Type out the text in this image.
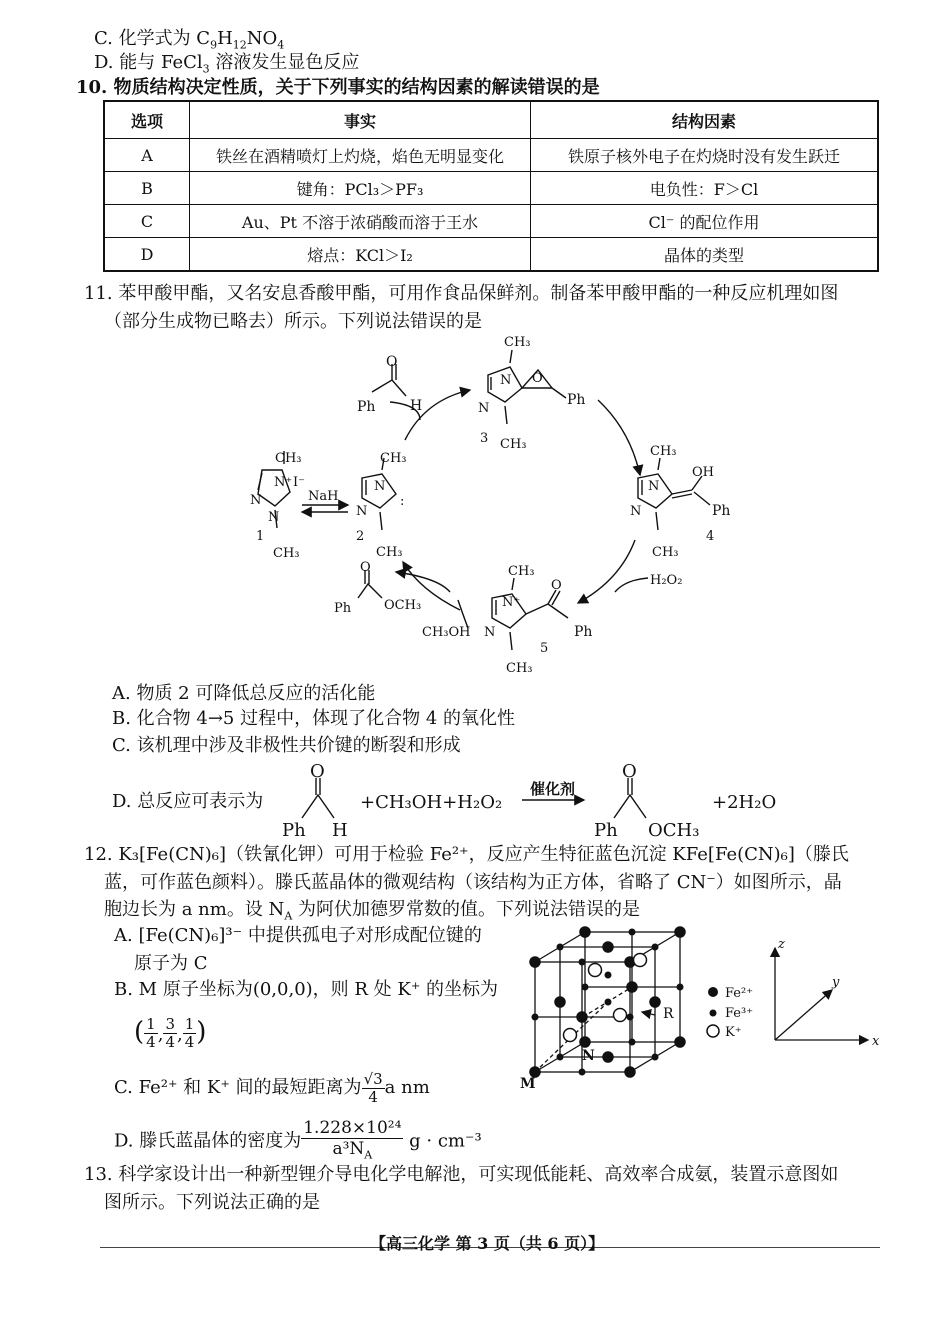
C. 化学式为 $C_9H_{12}NO_4$
D. 能与 FeCl$_3$ 溶液发生显色反应
10. 物质结构决定性质，关于下列事实的结构因素的解读错误的是
选项	事实	结构因素
A	铁丝在酒精喷灯上灼烧，焰色无明显变化	铁原子核外电子在灼烧时没有发生跃迁
B	键角：PCl₃＞PF₃	电负性：F＞Cl
C	Au、Pt 不溶于浓硝酸而溶于王水	Cl⁻ 的配位作用
D	熔点：KCl＞I₂	晶体的类型
11. 苯甲酸甲酯，又名安息香酸甲酯，可用作食品保鲜剂。制备苯甲酸甲酯的一种反应机理如图
（部分生成物已略去）所示。下列说法错误的是
O
Ph H
CH₃
N⁺ I⁻
N
N
1
CH₃
NaH
CH₃
N
N
:
2
CH₃
CH₃
N O
Ph
N
3 CH₃	CH₃
OH
N
Ph
N
4
CH₃
H₂O₂
O
Ph	OCH₃
CH₃OH
CH₃
O
N⁺
Ph
N
5
CH₃
A. 物质 2 可降低总反应的活化能
B. 化合物 4→5 过程中，体现了化合物 4 的氧化性
C. 该机理中涉及非极性共价键的断裂和形成
D. 总反应可表示为
O
Ph H
+CH₃OH+H₂O₂
催化剂
O
Ph OCH₃
+2H₂O
12. K₃[Fe(CN)₆]（铁氰化钾）可用于检验 Fe²⁺，反应产生特征蓝色沉淀 KFe[Fe(CN)₆]（滕氏
蓝，可作蓝色颜料）。滕氏蓝晶体的微观结构（该结构为正方体，省略了 CN⁻）如图所示，晶
胞边长为 a nm。设 $N_A$ 为阿伏加德罗常数的值。下列说法错误的是
A. [Fe(CN)₆]³⁻ 中提供孤电子对形成配位键的
原子为 C
B. M 原子坐标为(0,0,0)，则 R 处 K⁺ 的坐标为
( $\frac{1}{4}$ , $\frac{3}{4}$ , $\frac{1}{4}$ )
C. Fe²⁺ 和 K⁺ 间的最短距离为 $\frac{√3}{4}$ a nm
D. 滕氏蓝晶体的密度为 $\frac{\text{1.228×10²⁴}}{a^3N_A}$ g · cm⁻³
Fe²⁺
Fe³⁺
K⁺
M
N
R
x
y
z
13. 科学家设计出一种新型锂介导电化学电解池，可实现低能耗、高效率合成氨，装置示意图如
图所示。下列说法正确的是
【高三化学 第 3 页（共 6 页）】
